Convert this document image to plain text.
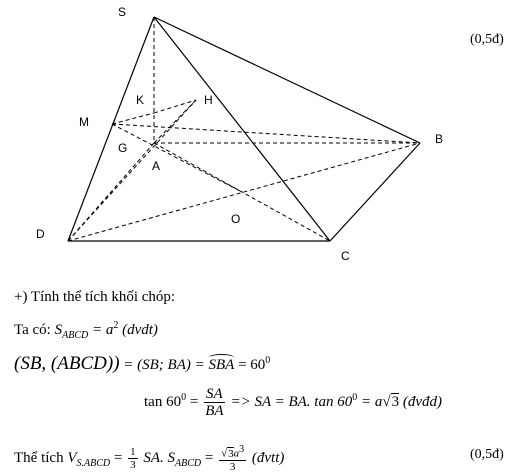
S
B
C
D
O
M
K	H
G
A
(0,5đ)
+) Tính thể tích khối chóp:
Ta có: $S_{ABCD} = a^2$ (dvdt)
(SB, (ABCD)) = (SB; BA) = SBA = $60^0$
$\tan 60^0 = \frac{SA}{BA}$ => SA = BA. $\tan 60^0 = a√3$ (đvđd)
Thể tích $V_{S.ABCD} = \frac{1}{3}$ SA. $S_{ABCD} = \frac{√3a^3}{3}$ (đvtt)	(0,5đ)
